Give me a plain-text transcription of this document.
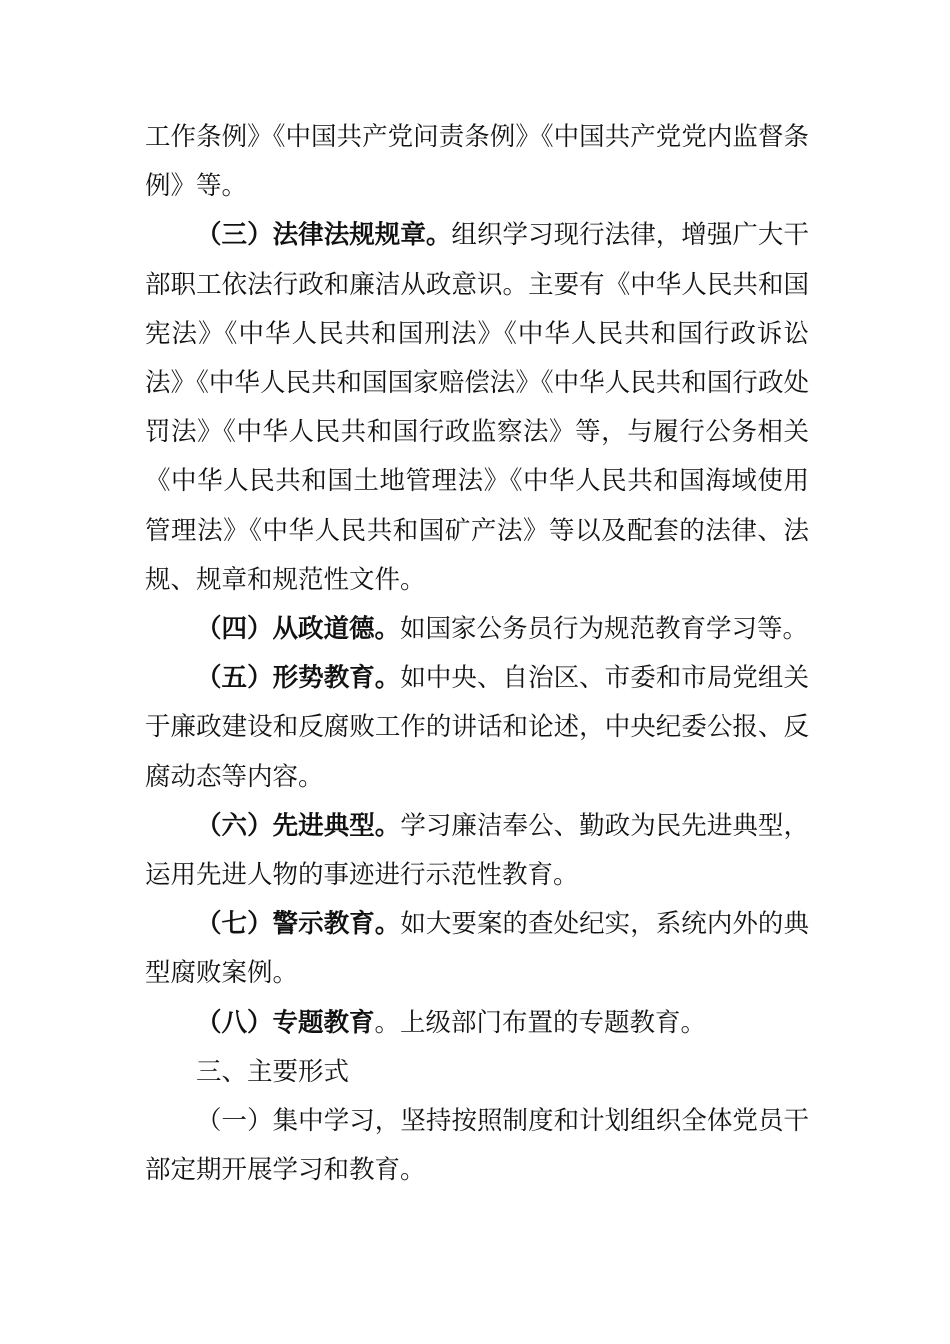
工作条例》《中国共产党问责条例》《中国共产党党内监督条例》等。

（三）法律法规规章。组织学习现行法律，增强广大干部职工依法行政和廉洁从政意识。主要有《中华人民共和国宪法》《中华人民共和国刑法》《中华人民共和国行政诉讼法》《中华人民共和国国家赔偿法》《中华人民共和国行政处罚法》《中华人民共和国行政监察法》等，与履行公务相关《中华人民共和国土地管理法》《中华人民共和国海域使用管理法》《中华人民共和国矿产法》等以及配套的法律、法规、规章和规范性文件。

（四）从政道德。如国家公务员行为规范教育学习等。

（五）形势教育。如中央、自治区、市委和市局党组关于廉政建设和反腐败工作的讲话和论述，中央纪委公报、反腐动态等内容。

（六）先进典型。学习廉洁奉公、勤政为民先进典型，运用先进人物的事迹进行示范性教育。

（七）警示教育。如大要案的查处纪实，系统内外的典型腐败案例。

（八）专题教育。上级部门布置的专题教育。

三、主要形式

（一）集中学习，坚持按照制度和计划组织全体党员干部定期开展学习和教育。
